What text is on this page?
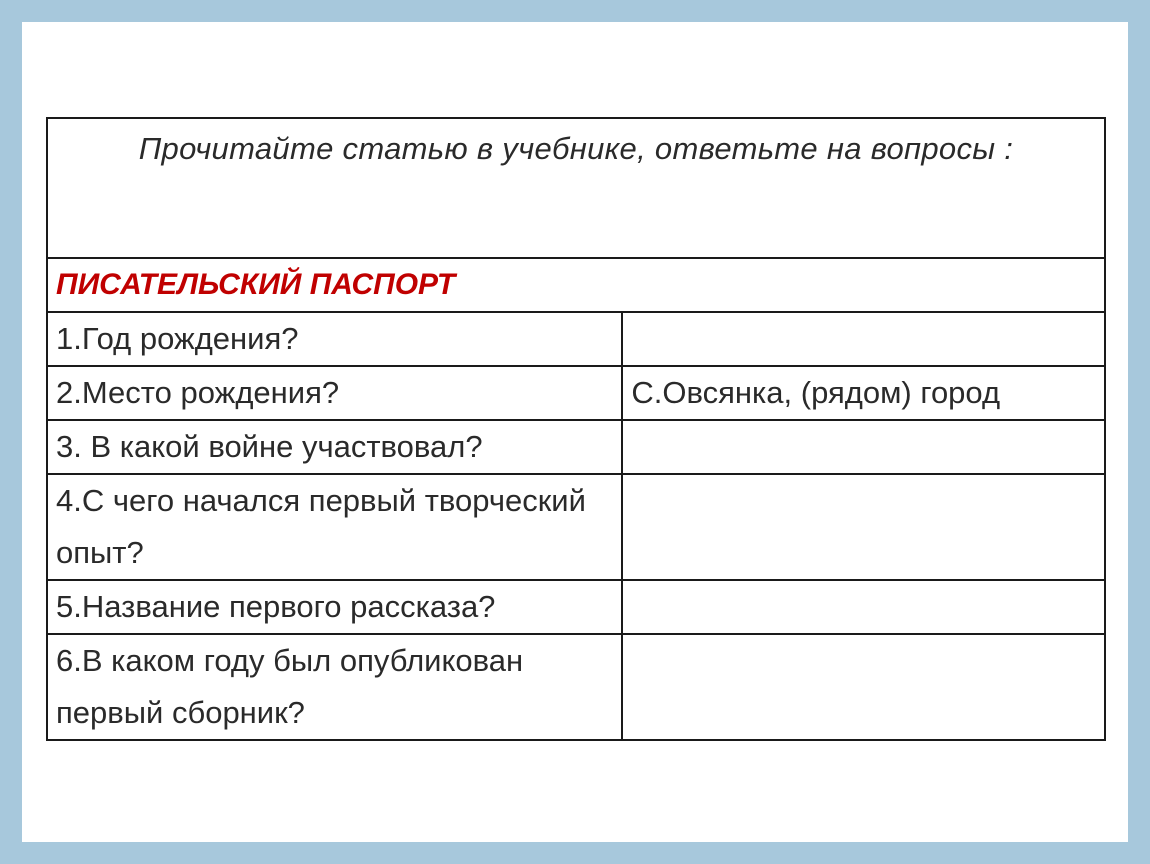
Прочитайте статью в учебнике, ответьте на вопросы :	
ПИСАТЕЛЬСКИЙ ПАСПОРТ	
1.Год рождения?	
2.Место рождения?	С.Овсянка, (рядом) город
3. В какой войне участвовал?	
4.С чего начался первый творческий опыт?	
5.Название первого рассказа?	
6.В каком году был опубликован первый сборник?	
